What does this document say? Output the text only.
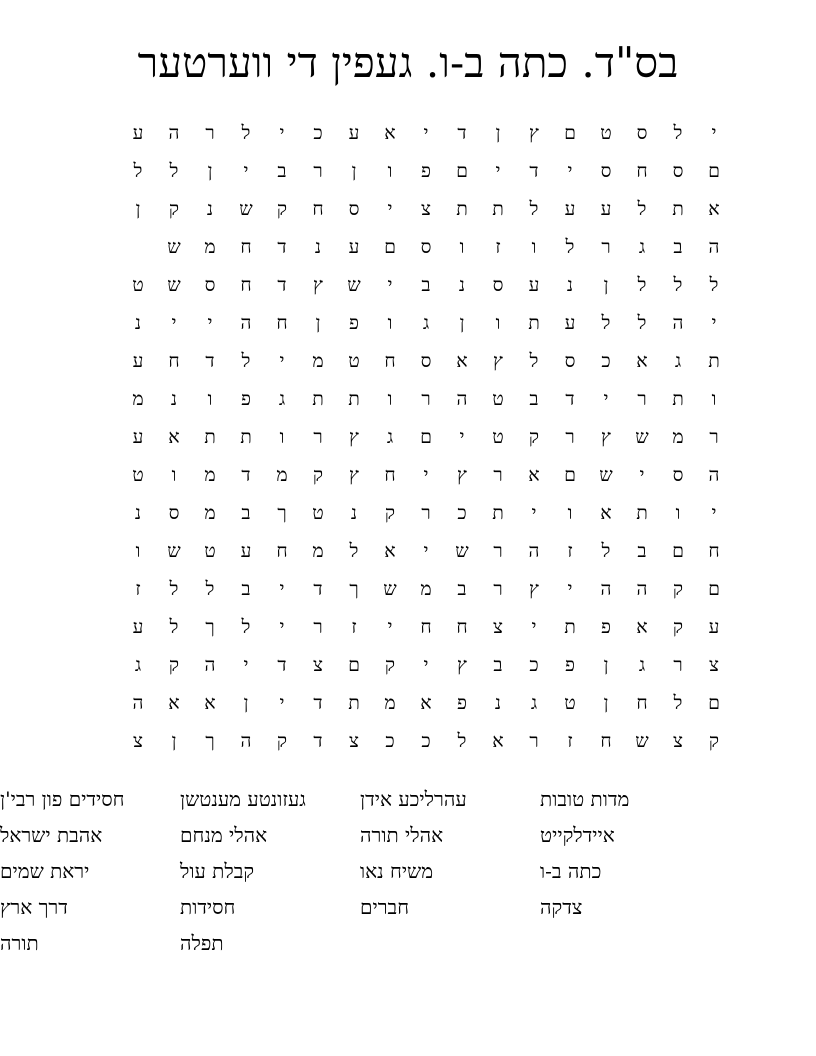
בס"ד. כתה ב-ו. געפין די ווערטער
י
ל
ס
ט
ם
ץ
ן
ד
י
א
ע
כ
י
ל
ר
ה
ע
ם
ס
ח
ס
י
ד
י
ם
פ
ו
ן
ר
ב
י
ן
ל
ל
א
ת
ל
ע
ע
ל
ת
ת
צ
י
ס
ח
ק
ש
נ
ק
ן
ה
ב
ג
ר
ל
ו
ז
ו
ס
ם
ע
נ
ד
ח
מ
ש
ל
ל
ל
ן
נ
ע
ס
נ
ב
י
ש
ץ
ד
ח
ס
ש
ט
י
ה
ל
ל
ע
ת
ו
ן
ג
ו
פ
ן
ח
ה
י
י
נ
ת
ג
א
כ
ס
ל
ץ
א
ס
ח
ט
מ
י
ל
ד
ח
ע
ו
ת
ר
י
ד
ב
ט
ה
ר
ו
ת
ת
ג
פ
ו
נ
מ
ר
מ
ש
ץ
ר
ק
ט
י
ם
ג
ץ
ר
ו
ת
ת
א
ע
ה
ס
י
ש
ם
א
ר
ץ
י
ח
ץ
ק
מ
ד
מ
ו
ט
י
ו
ת
א
ו
י
ת
כ
ר
ק
נ
ט
ך
ב
מ
ס
נ
ח
ם
ב
ל
ז
ה
ר
ש
י
א
ל
מ
ח
ע
ט
ש
ו
ם
ק
ה
ה
י
ץ
ר
ב
מ
ש
ך
ד
י
ב
ל
ל
ז
ע
ק
א
פ
ת
י
צ
ח
ח
י
ז
ר
י
ל
ך
ל
ע
צ
ר
ג
ן
פ
כ
ב
ץ
י
ק
ם
צ
ד
י
ה
ק
ג
ם
ל
ח
ן
ט
ג
נ
פ
א
מ
ת
ד
י
ן
א
א
ה
ק
צ
ש
ח
ז
ר
א
ל
כ
כ
צ
ד
ק
ה
ך
ן
צ
מדות טובות
עהרליכע אידן
געזונטע מענטשן
חסידים פון רבי'ן
איידלקייט
אהלי תורה
אהלי מנחם
אהבת ישראל
כתה ב-ו
משיח נאו
קבלת עול
יראת שמים
צדקה
חברים
חסידות
דרך ארץ
תפלה
תורה
